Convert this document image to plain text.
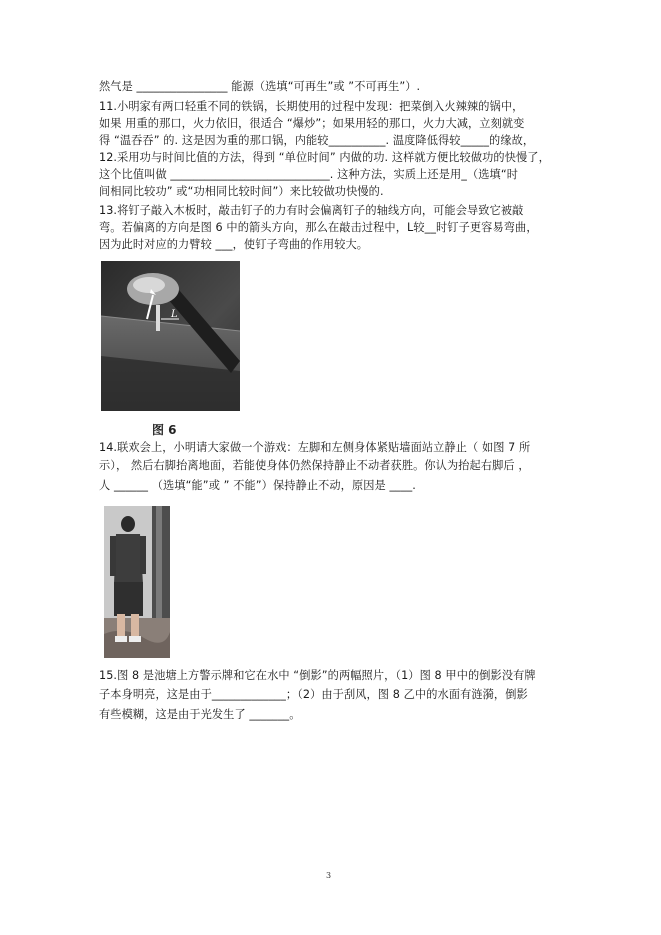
然气是 ________________ 能源（选填“可再生”或 ”不可再生”）.
11.小明家有两口轻重不同的铁锅，长期使用的过程中发现：把菜倒入火辣辣的锅中，
如果 用重的那口，火力依旧，很适合 “爆炒”；如果用轻的那口，火力大减，立刻就变
得 “温吞吞” 的. 这是因为重的那口锅，内能较__________. 温度降低得较_____的缘故，
12.采用功与时间比值的方法，得到 “单位时间” 内做的功. 这样就方便比较做功的快慢了，
这个比值叫做 ____________________________. 这种方法，实质上还是用_（选填“时
间相同比较功” 或“功相同比较时间”）来比较做功快慢的.
13.将钉子敲入木板时，敲击钉子的力有时会偏离钉子的轴线方向，可能会导致它被敲
弯。若偏离的方向是图 6 中的箭头方向，那么在敲击过程中，L较__时钉子更容易弯曲，
因为此时对应的力臂较 ___，使钉子弯曲的作用较大。
14.联欢会上，小明请大家做一个游戏：左脚和左侧身体紧贴墙面站立静止（ 如图 7 所
示）， 然后右脚抬离地面，若能使身体仍然保持静止不动者获胜。你认为抬起右脚后 ，
人 ______ （选填“能”或 ” 不能”）保持静止不动，原因是 ____.
15.图 8 是池塘上方警示牌和它在水中 “倒影”的两幅照片，（1）图 8 甲中的倒影没有牌
子本身明亮，这是由于_____________；（2）由于刮风，图 8 乙中的水面有涟漪，倒影
有些模糊，这是由于光发生了 _______。
L
图 6
3
